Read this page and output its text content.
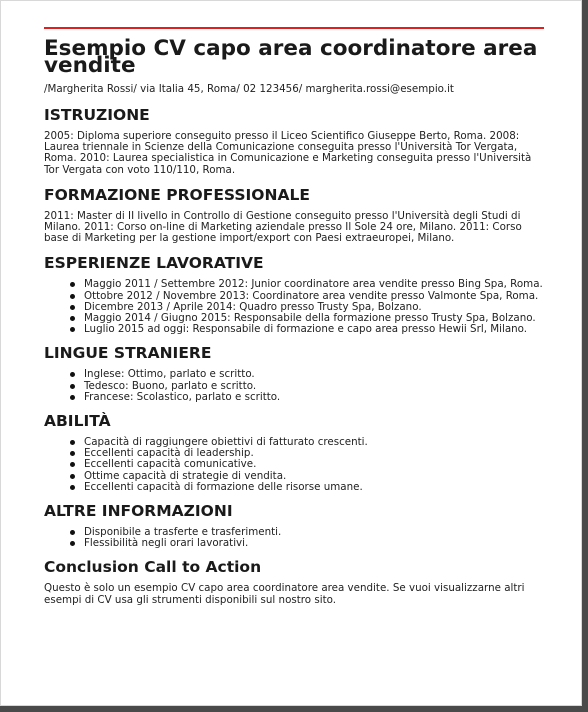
Esempio CV capo area coordinatore area vendite
/Margherita Rossi/ via Italia 45, Roma/ 02 123456/ margherita.rossi@esempio.it
ISTRUZIONE

2005: Diploma superiore conseguito presso il Liceo Scientifico Giuseppe Berto, Roma. 2008: Laurea triennale in Scienze della Comunicazione conseguita presso l'Università Tor Vergata, Roma. 2010: Laurea specialistica in Comunicazione e Marketing conseguita presso l'Università Tor Vergata con voto 110/110, Roma.

FORMAZIONE PROFESSIONALE

2011: Master di II livello in Controllo di Gestione conseguito presso l'Università degli Studi di Milano. 2011: Corso on-line di Marketing aziendale presso Il Sole 24 ore, Milano. 2011: Corso base di Marketing per la gestione import/export con Paesi extraeuropei, Milano.

ESPERIENZE LAVORATIVE
Maggio 2011 / Settembre 2012: Junior coordinatore area vendite presso Bing Spa, Roma.
Ottobre 2012 / Novembre 2013: Coordinatore area vendite presso Valmonte Spa, Roma.
Dicembre 2013 / Aprile 2014: Quadro presso Trusty Spa, Bolzano.
Maggio 2014 / Giugno 2015: Responsabile della formazione presso Trusty Spa, Bolzano.
Luglio 2015 ad oggi: Responsabile di formazione e capo area presso Hewii Srl, Milano.
LINGUE STRANIERE
Inglese: Ottimo, parlato e scritto.
Tedesco: Buono, parlato e scritto.
Francese: Scolastico, parlato e scritto.
ABILITÀ
Capacità di raggiungere obiettivi di fatturato crescenti.
Eccellenti capacità di leadership.
Eccellenti capacità comunicative.
Ottime capacità di strategie di vendita.
Eccellenti capacità di formazione delle risorse umane.
ALTRE INFORMAZIONI
Disponibile a trasferte e trasferimenti.
Flessibilità negli orari lavorativi.
Conclusion Call to Action

Questo è solo un esempio CV capo area coordinatore area vendite. Se vuoi visualizzarne altri esempi di CV usa gli strumenti disponibili sul nostro sito.
